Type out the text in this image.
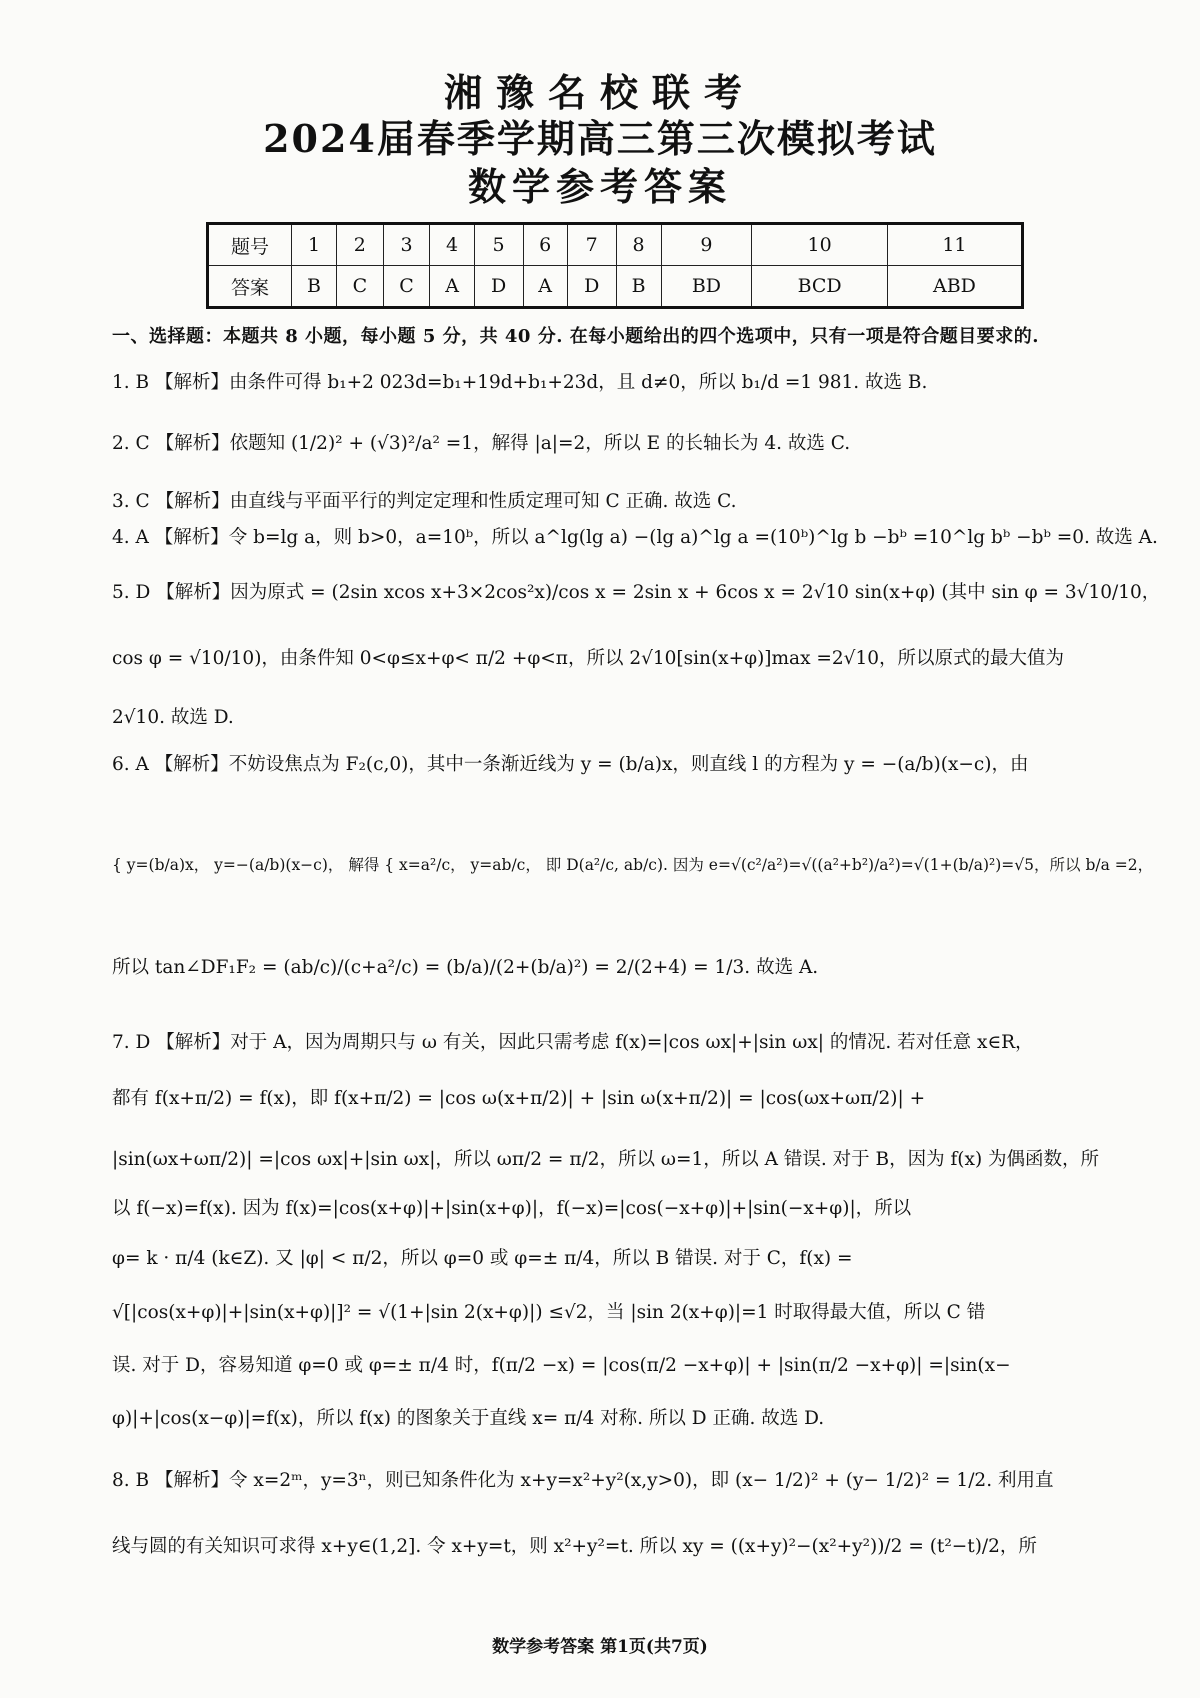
湘豫名校联考
2024届春季学期高三第三次模拟考试
数学参考答案
题号	1	2	3	4	5	6	7	8	9	10	11
答案	B	C	C	A	D	A	D	B	BD	BCD	ABD
一、选择题：本题共 8 小题，每小题 5 分，共 40 分. 在每小题给出的四个选项中，只有一项是符合题目要求的.
1. B 【解析】由条件可得 b₁+2 023d=b₁+19d+b₁+23d，且 d≠0，所以 b₁/d =1 981. 故选 B.
2. C 【解析】依题知 (1/2)² + (√3)²/a² =1，解得 |a|=2，所以 E 的长轴长为 4. 故选 C.
3. C 【解析】由直线与平面平行的判定定理和性质定理可知 C 正确. 故选 C.
4. A 【解析】令 b=lg a，则 b>0，a=10ᵇ，所以 a^lg(lg a) −(lg a)^lg a =(10ᵇ)^lg b −bᵇ =10^lg bᵇ −bᵇ =0. 故选 A.
5. D 【解析】因为原式 = (2sin xcos x+3×2cos²x)/cos x = 2sin x + 6cos x = 2√10 sin(x+φ) (其中 sin φ = 3√10/10，
cos φ = √10/10)，由条件知 0<φ≤x+φ< π/2 +φ<π，所以 2√10[sin(x+φ)]max =2√10，所以原式的最大值为
2√10. 故选 D.
6. A 【解析】不妨设焦点为 F₂(c,0)，其中一条渐近线为 y = (b/a)x，则直线 l 的方程为 y = −(a/b)(x−c)，由
{ y=(b/a)x， y=−(a/b)(x−c)， 解得 { x=a²/c， y=ab/c， 即 D(a²/c, ab/c). 因为 e=√(c²/a²)=√((a²+b²)/a²)=√(1+(b/a)²)=√5，所以 b/a =2，
所以 tan∠DF₁F₂ = (ab/c)/(c+a²/c) = (b/a)/(2+(b/a)²) = 2/(2+4) = 1/3. 故选 A.
7. D 【解析】对于 A，因为周期只与 ω 有关，因此只需考虑 f(x)=|cos ωx|+|sin ωx| 的情况. 若对任意 x∈R，
都有 f(x+π/2) = f(x)，即 f(x+π/2) = |cos ω(x+π/2)| + |sin ω(x+π/2)| = |cos(ωx+ωπ/2)| +
|sin(ωx+ωπ/2)| =|cos ωx|+|sin ωx|，所以 ωπ/2 = π/2，所以 ω=1，所以 A 错误. 对于 B，因为 f(x) 为偶函数，所
以 f(−x)=f(x). 因为 f(x)=|cos(x+φ)|+|sin(x+φ)|，f(−x)=|cos(−x+φ)|+|sin(−x+φ)|，所以
φ= k · π/4 (k∈Z). 又 |φ| < π/2，所以 φ=0 或 φ=± π/4，所以 B 错误. 对于 C，f(x) =
√[|cos(x+φ)|+|sin(x+φ)|]² = √(1+|sin 2(x+φ)|) ≤√2，当 |sin 2(x+φ)|=1 时取得最大值，所以 C 错
误. 对于 D，容易知道 φ=0 或 φ=± π/4 时，f(π/2 −x) = |cos(π/2 −x+φ)| + |sin(π/2 −x+φ)| =|sin(x−
φ)|+|cos(x−φ)|=f(x)，所以 f(x) 的图象关于直线 x= π/4 对称. 所以 D 正确. 故选 D.
8. B 【解析】令 x=2ᵐ，y=3ⁿ，则已知条件化为 x+y=x²+y²(x,y>0)，即 (x− 1/2)² + (y− 1/2)² = 1/2. 利用直
线与圆的有关知识可求得 x+y∈(1,2]. 令 x+y=t，则 x²+y²=t. 所以 xy = ((x+y)²−(x²+y²))/2 = (t²−t)/2，所
数学参考答案 第1页(共7页)
